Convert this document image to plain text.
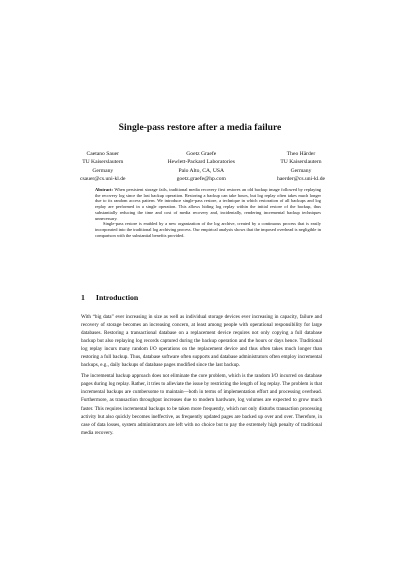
Single-pass restore after a media failure
Caetano Sauer
TU Kaiserslautern
Germany
csauer@cs.uni-kl.de
Goetz Graefe
Hewlett-Packard Laboratories
Palo Alto, CA, USA
goetz.graefe@hp.com
Theo Härder
TU Kaiserslautern
Germany
haerder@cs.uni-kl.de

Abstract: When persistent storage fails, traditional media recovery first restores an old backup image followed by replaying the recovery log since the last backup operation. Restoring a backup can take hours, but log replay often takes much longer due to its random access pattern. We introduce single-pass restore, a technique in which restoration of all backups and log replay are performed in a single operation. This allows hiding log replay within the initial restore of the backup, thus substantially reducing the time and cost of media recovery and, incidentally, rendering incremental backup techniques unnecessary.

Single-pass restore is enabled by a new organization of the log archive, created by a continuous process that is easily incorporated into the traditional log archiving process. Our empirical analysis shows that the imposed overhead is negligible in comparison with the substantial benefits provided.

1 Introduction

With “big data” ever increasing in size as well as individual storage devices ever increasing in capacity, failure and recovery of storage becomes an increasing concern, at least among people with operational responsibility for large databases. Restoring a transactional database on a replacement device requires not only copying a full database backup but also replaying log records captured during the backup operation and the hours or days hence. Traditional log replay incurs many random I/O operations on the replacement device and thus often takes much longer than restoring a full backup. Thus, database software often supports and database administrators often employ incremental backups, e.g., daily backups of database pages modified since the last backup.

The incremental backup approach does not eliminate the core problem, which is the random I/O incurred on database pages during log replay. Rather, it tries to alleviate the issue by restricting the length of log replay. The problem is that incremental backups are cumbersome to maintain—both in terms of implementation effort and processing overhead. Furthermore, as transaction throughput increases due to modern hardware, log volumes are expected to grow much faster. This requires incremental backups to be taken more frequently, which not only disturbs transaction processing activity but also quickly becomes ineffective, as frequently updated pages are backed up over and over. Therefore, in case of data losses, system administrators are left with no choice but to pay the extremely high penalty of traditional media recovery.
